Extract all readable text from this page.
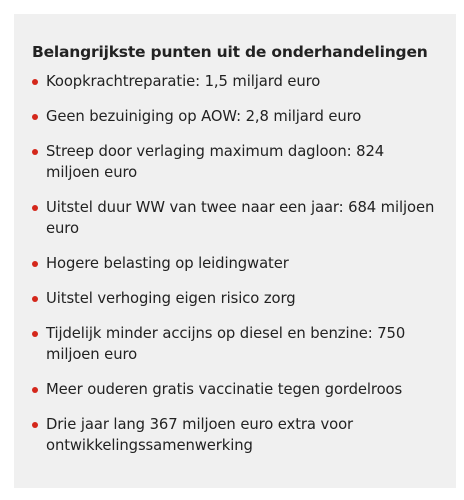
Belangrijkste punten uit de onderhandelingen
Koopkrachtreparatie: 1,5 miljard euro
Geen bezuiniging op AOW: 2,8 miljard euro
Streep door verlaging maximum dagloon: 824 miljoen euro
Uitstel duur WW van twee naar een jaar: 684 miljoen euro
Hogere belasting op leidingwater
Uitstel verhoging eigen risico zorg
Tijdelijk minder accijns op diesel en benzine: 750 miljoen euro
Meer ouderen gratis vaccinatie tegen gordelroos
Drie jaar lang 367 miljoen euro extra voor ontwikkelingssamenwerking
